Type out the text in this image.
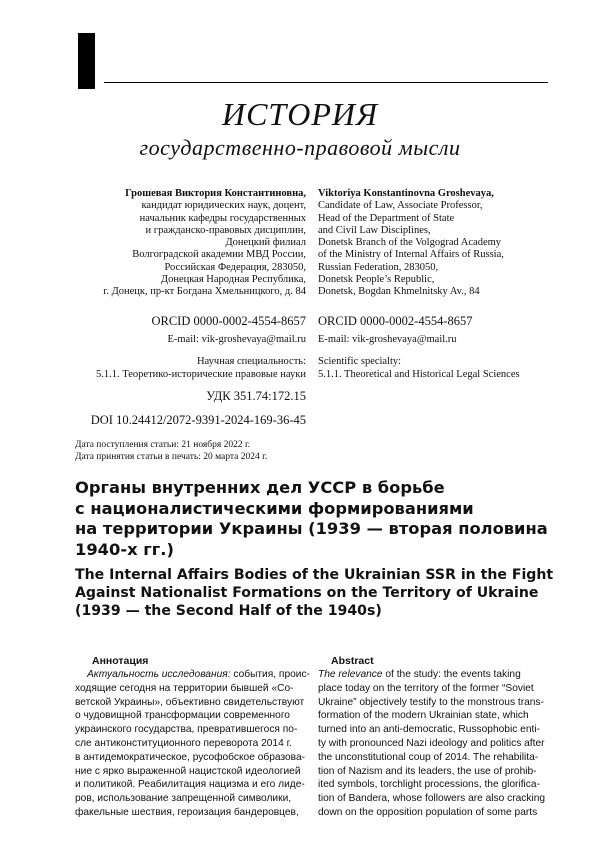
ИСТОРИЯ
государственно-правовой мысли
Грошевая Виктория Константиновна,
кандидат юридических наук, доцент,
начальник кафедры государственных
и гражданско-правовых дисциплин,
Донецкий филиал
Волгоградской академии МВД России,
Российская Федерация, 283050,
Донецкая Народная Республика,
г. Донецк, пр-кт Богдана Хмельницкого, д. 84
ORCID 0000-0002-4554-8657
E-mail: vik-groshevaya@mail.ru
Научная специальность:
5.1.1. Теоретико-исторические правовые науки
УДК 351.74:172.15
DOI 10.24412/2072-9391-2024-169-36-45
Viktoriya Konstantinovna Groshevaya,
Candidate of Law, Associate Professor,
Head of the Department of State
and Civil Law Disciplines,
Donetsk Branch of the Volgograd Academy
of the Ministry of Internal Affairs of Russia,
Russian Federation, 283050,
Donetsk People’s Republic,
Donetsk, Bogdan Khmelnitsky Av., 84
ORCID 0000-0002-4554-8657
E-mail: vik-groshevaya@mail.ru
Scientific specialty:
5.1.1. Theoretical and Historical Legal Sciences
Дата поступления статьи: 21 ноября 2022 г.
Дата принятия статьи в печать: 20 марта 2024 г.
Органы внутренних дел УССР в борьбе
с националистическими формированиями
на территории Украины (1939 — вторая половина
1940-х гг.)
The Internal Affairs Bodies of the Ukrainian SSR in the Fight
Against Nationalist Formations on the Territory of Ukraine
(1939 — the Second Half of the 1940s)
Аннотация
Актуальность исследования: события, проис-
ходящие сегодня на территории бывшей «Со-
ветской Украины», объективно свидетельствуют
о чудовищной трансформации современного
украинского государства, превратившегося по-
сле антиконституционного переворота 2014 г.
в антидемократическое, русофобское образова-
ние с ярко выраженной нацистской идеологией
и политикой. Реабилитация нацизма и его лиде-
ров, использование запрещенной символики,
факельные шествия, героизация бандеровцев,
Abstract
The relevance of the study: the events taking
place today on the territory of the former “Soviet
Ukraine” objectively testify to the monstrous trans-
formation of the modern Ukrainian state, which
turned into an anti-democratic, Russophobic enti-
ty with pronounced Nazi ideology and politics after
the unconstitutional coup of 2014. The rehabilita-
tion of Nazism and its leaders, the use of prohib-
ited symbols, torchlight processions, the glorifica-
tion of Bandera, whose followers are also cracking
down on the opposition population of some parts
